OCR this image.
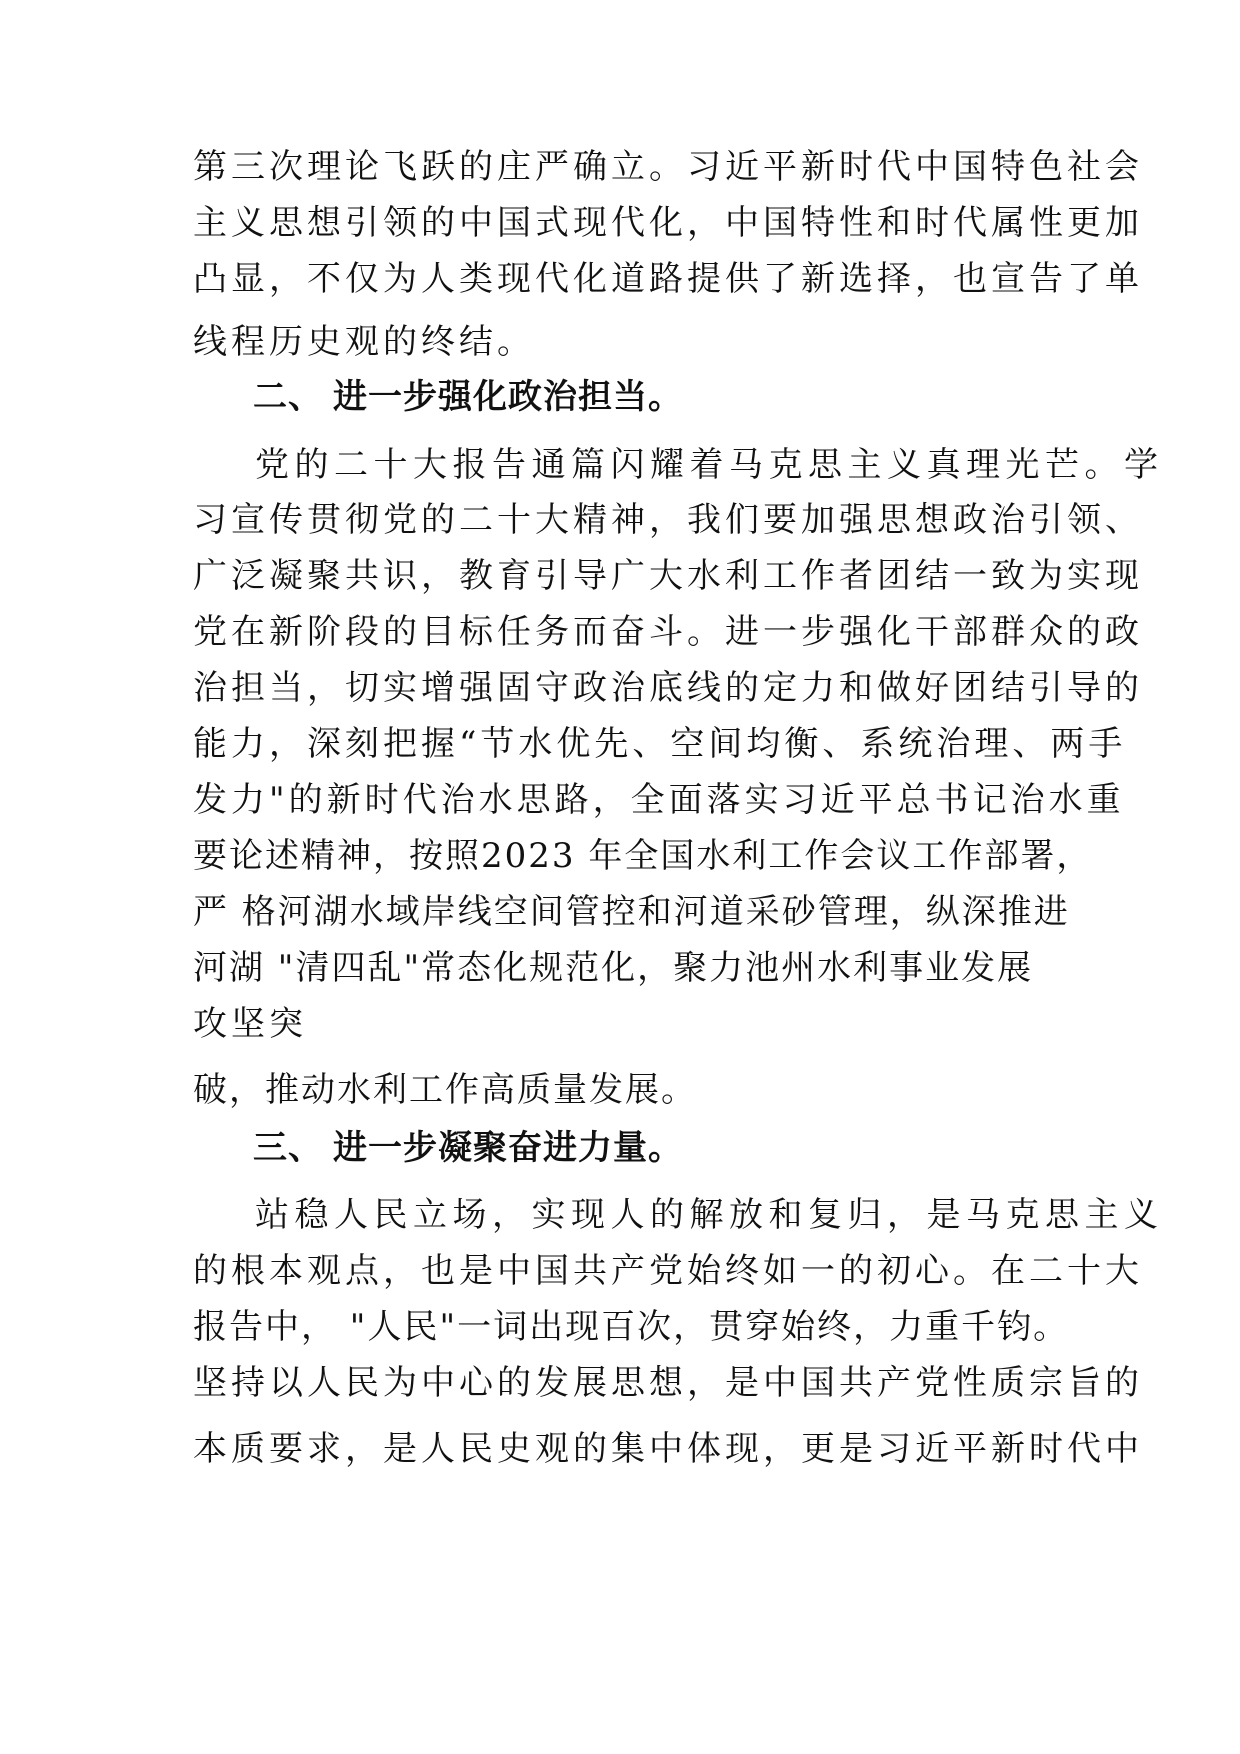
第三次理论飞跃的庄严确立。习近平新时代中国特色社会
主义思想引领的中国式现代化，中国特性和时代属性更加
凸显，不仅为人类现代化道路提供了新选择，也宣告了单
线程历史观的终结。
二、 进一步强化政治担当。
党的二十大报告通篇闪耀着马克思主义真理光芒。学
习宣传贯彻党的二十大精神，我们要加强思想政治引领、
广泛凝聚共识，教育引导广大水利工作者团结一致为实现
党在新阶段的目标任务而奋斗。进一步强化干部群众的政
治担当，切实增强固守政治底线的定力和做好团结引导的
能力，深刻把握“节水优先、空间均衡、系统治理、两手
发力"的新时代治水思路，全面落实习近平总书记治水重
要论述精神，按照2023 年全国水利工作会议工作部署，
严 格河湖水域岸线空间管控和河道采砂管理，纵深推进
河湖 "清四乱"常态化规范化，聚力池州水利事业发展
攻坚突
破，推动水利工作高质量发展。
三、 进一步凝聚奋进力量。
站稳人民立场，实现人的解放和复归，是马克思主义
的根本观点，也是中国共产党始终如一的初心。在二十大
报告中， "人民"一词出现百次，贯穿始终，力重千钧。
坚持以人民为中心的发展思想，是中国共产党性质宗旨的
本质要求，是人民史观的集中体现，更是习近平新时代中
